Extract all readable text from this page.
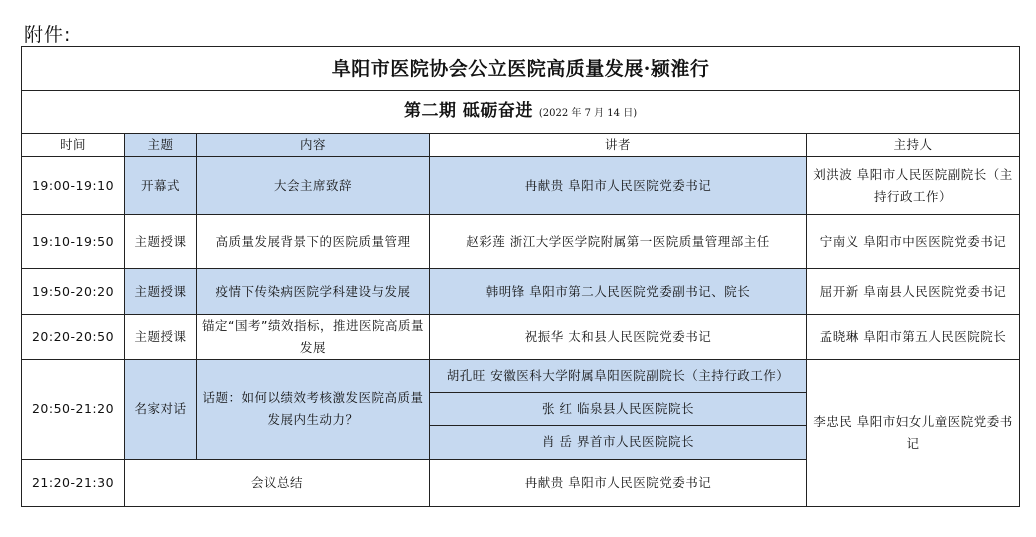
附件:
阜阳市医院协会公立医院高质量发展·颍淮行				
第二期 砥砺奋进 (2022 年 7 月 14 日)				
时间	主题	内容	讲者	主持人
19:00-19:10	开幕式	大会主席致辞	冉献贵 阜阳市人民医院党委书记	刘洪波 阜阳市人民医院副院长（主持行政工作）
19:10-19:50	主题授课	高质量发展背景下的医院质量管理	赵彩莲 浙江大学医学院附属第一医院质量管理部主任	宁南义 阜阳市中医医院党委书记
19:50-20:20	主题授课	疫情下传染病医院学科建设与发展	韩明锋 阜阳市第二人民医院党委副书记、院长	屈开新 阜南县人民医院党委书记
20:20-20:50	主题授课	锚定“国考”绩效指标，推进医院高质量发展	祝振华 太和县人民医院党委书记	孟晓琳 阜阳市第五人民医院院长
20:50-21:20	名家对话	话题：如何以绩效考核激发医院高质量发展内生动力？	胡孔旺 安徽医科大学附属阜阳医院副院长（主持行政工作）	李忠民 阜阳市妇女儿童医院党委书记
			张 红 临泉县人民医院院长	
			肖 岳 界首市人民医院院长	
21:20-21:30	会议总结		冉献贵 阜阳市人民医院党委书记	
